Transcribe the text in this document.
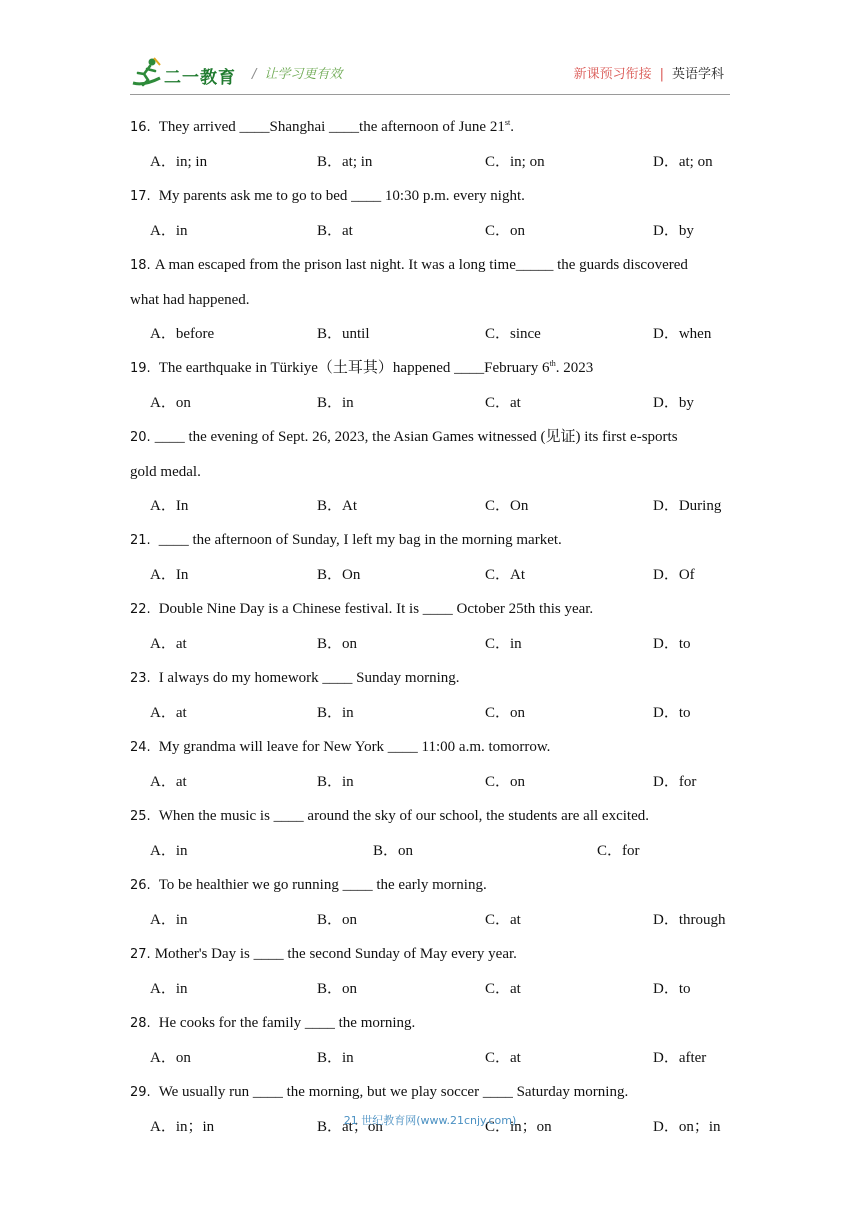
二一教育 / 让学习更有效	新课预习衔接 | 英语学科
16. They arrived ____Shanghai ____the afternoon of June 21st.
A．in; in	B．at; in	C．in; on	D．at; on
17. My parents ask me to go to bed ____ 10:30 p.m. every night.
A．in	B．at	C．on	D．by
18. A man escaped from the prison last night. It was a long time_____ the guards discovered
what had happened.
A．before	B．until	C．since	D．when
19. The earthquake in Türkiye（土耳其）happened ____February 6th. 2023
A．on	B．in	C．at	D．by
20. ____ the evening of Sept. 26, 2023, the Asian Games witnessed (见证) its first e-sports
gold medal.
A．In	B．At	C．On	D．During
21. ____ the afternoon of Sunday, I left my bag in the morning market.
A．In	B．On	C．At	D．Of
22. Double Nine Day is a Chinese festival. It is ____ October 25th this year.
A．at	B．on	C．in	D．to
23. I always do my homework ____ Sunday morning.
A．at	B．in	C．on	D．to
24. My grandma will leave for New York ____ 11:00 a.m. tomorrow.
A．at	B．in	C．on	D．for
25. When the music is ____ around the sky of our school, the students are all excited.
A．in	B．on	C．for
26. To be healthier we go running ____ the early morning.
A．in	B．on	C．at	D．through
27. Mother's Day is ____ the second Sunday of May every year.
A．in	B．on	C．at	D．to
28. He cooks for the family ____ the morning.
A．on	B．in	C．at	D．after
29. We usually run ____ the morning, but we play soccer ____ Saturday morning.
A．in；in	B．at；on	C．in；on	D．on；in
21 世纪教育网(www.21cnjy.com)
